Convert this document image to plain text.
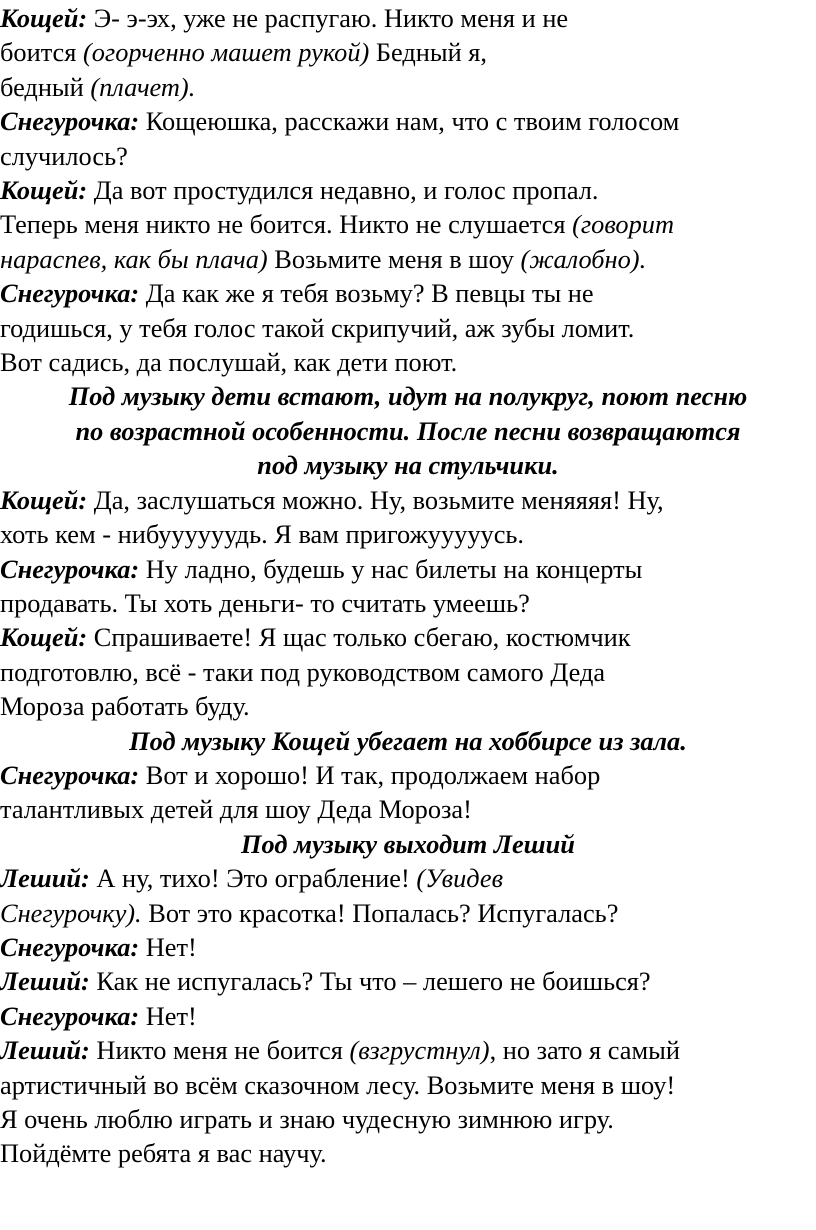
Кощей: Э- э-эх, уже не распугаю. Никто меня и не
боится (огорченно машет рукой) Бедный я,
бедный (плачет).
Снегурочка: Кощеюшка, расскажи нам, что с твоим голосом
случилось?
Кощей: Да вот простудился недавно, и голос пропал.
Теперь меня никто не боится. Никто не слушается (говорит
нараспев, как бы плача) Возьмите меня в шоу (жалобно).
Снегурочка: Да как же я тебя возьму? В певцы ты не
годишься, у тебя голос такой скрипучий, аж зубы ломит.
Вот садись, да послушай, как дети поют.
Под музыку дети встают, идут на полукруг, поют песню
по возрастной особенности. После песни возвращаются
под музыку на стульчики.
Кощей: Да, заслушаться можно. Ну, возьмите меняяяя! Ну,
хоть кем - нибуууууудь. Я вам пригожууууусь.
Снегурочка: Ну ладно, будешь у нас билеты на концерты
продавать. Ты хоть деньги- то считать умеешь?
Кощей: Спрашиваете! Я щас только сбегаю, костюмчик
подготовлю, всё - таки под руководством самого Деда
Мороза работать буду.
Под музыку Кощей убегает на хоббирсе из зала.
Снегурочка: Вот и хорошо! И так, продолжаем набор
талантливых детей для шоу Деда Мороза!
Под музыку выходит Леший
Леший: А ну, тихо! Это ограбление! (Увидев
Снегурочку). Вот это красотка! Попалась? Испугалась?
Снегурочка: Нет!
Леший: Как не испугалась? Ты что – лешего не боишься?
Снегурочка: Нет!
Леший: Никто меня не боится (взгрустнул), но зато я самый
артистичный во всём сказочном лесу. Возьмите меня в шоу!
Я очень люблю играть и знаю чудесную зимнюю игру.
Пойдёмте ребята я вас научу.
